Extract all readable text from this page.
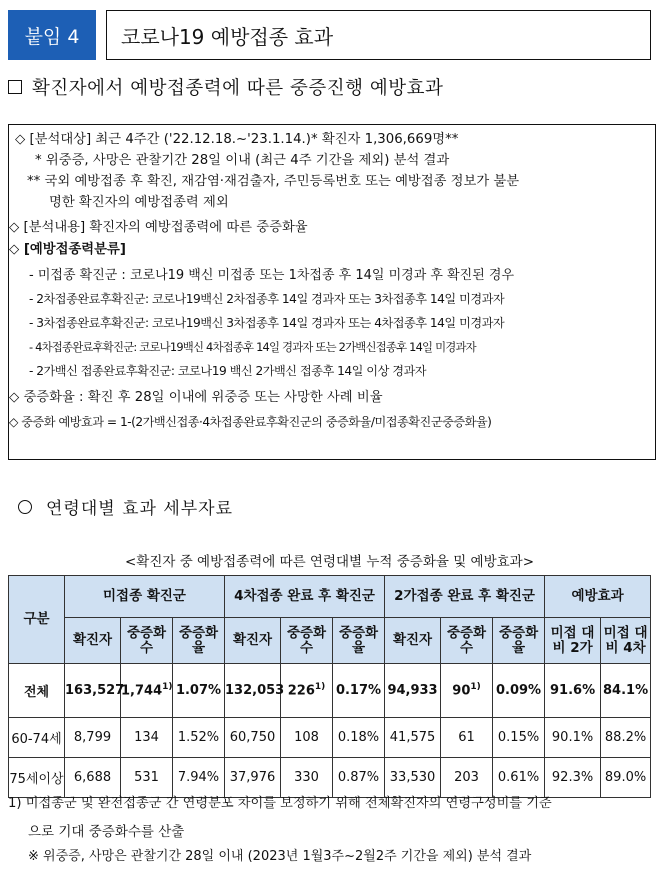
붙임 4	코로나19 예방접종 효과
확진자에서 예방접종력에 따른 중증진행 예방효과
◇ [분석대상] 최근 4주간 ('22.12.18.~'23.1.14.)* 확진자 1,306,669명**
* 위중증, 사망은 관찰기간 28일 이내 (최근 4주 기간을 제외) 분석 결과
** 국외 예방접종 후 확진, 재감염·재검출자, 주민등록번호 또는 예방접종 정보가 불분
명한 확진자의 예방접종력 제외
◇ [분석내용] 확진자의 예방접종력에 따른 중증화율
◇ [예방접종력분류]
- 미접종 확진군 : 코로나19 백신 미접종 또는 1차접종 후 14일 미경과 후 확진된 경우
- 2차접종완료후확진군: 코로나19백신 2차접종후 14일 경과자 또는 3차접종후 14일 미경과자
- 3차접종완료후확진군: 코로나19백신 3차접종후 14일 경과자 또는 4차접종후 14일 미경과자
- 4차접종완료후확진군: 코로나19백신 4차접종후 14일 경과자 또는 2가백신접종후 14일 미경과자
- 2가백신 접종완료후확진군: 코로나19 백신 2가백신 접종후 14일 이상 경과자
◇ 중증화율 : 확진 후 28일 이내에 위중증 또는 사망한 사례 비율
◇ 중증화 예방효과 = 1-(2가백신접종·4차접종완료후확진군의 중증화율/미접종확진군중증화율)
연령대별 효과 세부자료
<확진자 중 예방접종력에 따른 연령대별 누적 중증화율 및 예방효과>
구분	미접종 확진군			4차접종 완료 후 확진군			2가접종 완료 후 확진군			예방효과	
	확진자	중증화수	중증화율	확진자	중증화수	중증화율	확진자	중증화수	중증화율	미접 대비 2가	미접 대비 4차
전체	163,527	1,744$^{1)}$	1.07%	132,053	226$^{1)}$	0.17%	94,933	90$^{1)}$	0.09%	91.6%	84.1%
60-74세	8,799	134	1.52%	60,750	108	0.18%	41,575	61	0.15%	90.1%	88.2%
75세이상	6,688	531	7.94%	37,976	330	0.87%	33,530	203	0.61%	92.3%	89.0%
1) 미접종군 및 완전접종군 간 연령분포 차이를 보정하기 위해 전체확진자의 연령구성비를 기준
으로 기대 중증화수를 산출
※ 위중증, 사망은 관찰기간 28일 이내 (2023년 1월3주~2월2주 기간을 제외) 분석 결과
